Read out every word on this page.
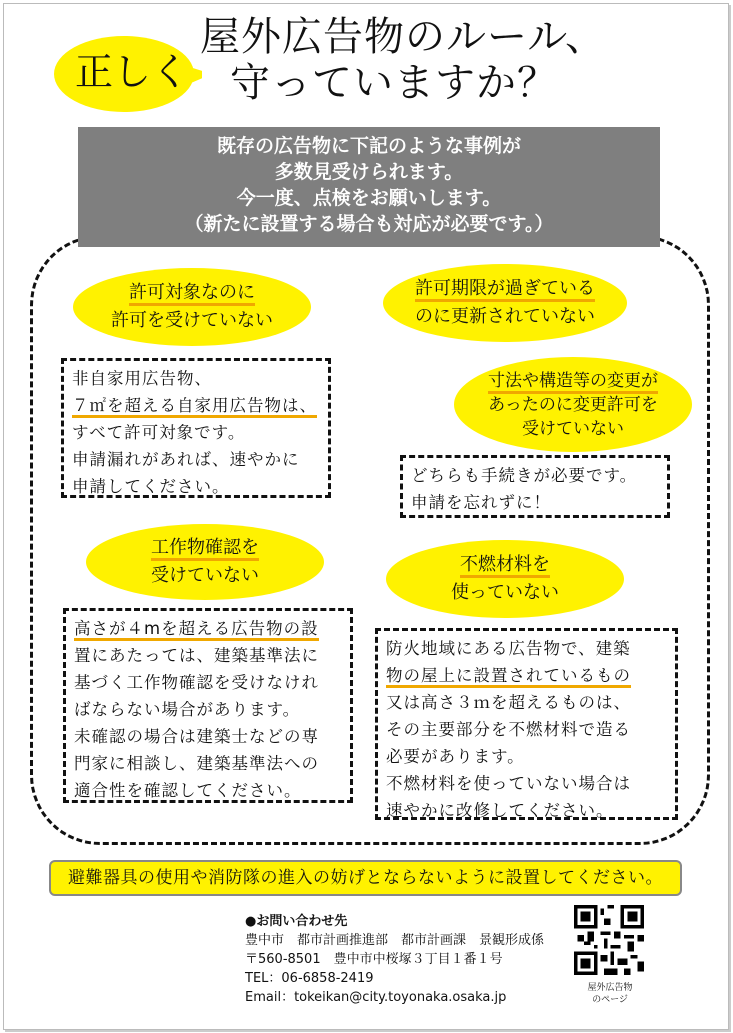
正しく
屋外広告物のルール、
守っていますか？
既存の広告物に下記のような事例が
多数見受けられます。
今一度、点検をお願いします。
（新たに設置する場合も対応が必要です。）
許可対象なのに
許可を受けていない
許可期限が過ぎている
のに更新されていない
寸法や構造等の変更が
あったのに変更許可を
受けていない
工作物確認を
受けていない
不燃材料を
使っていない
非自家用広告物、
７㎡を超える自家用広告物は、
すべて許可対象です。
申請漏れがあれば、速やかに
申請してください。
どちらも手続きが必要です。
申請を忘れずに！
高さが４mを超える広告物の設
置にあたっては、建築基準法に
基づく工作物確認を受けなけれ
ばならない場合があります。
未確認の場合は建築士などの専
門家に相談し、建築基準法への
適合性を確認してください。
防火地域にある広告物で、建築
物の屋上に設置されているもの
又は高さ３ｍを超えるものは、
その主要部分を不燃材料で造る
必要があります。
不燃材料を使っていない場合は
速やかに改修してください。
避難器具の使用や消防隊の進入の妨げとならないように設置してください。
●お問い合わせ先
豊中市　都市計画推進部　都市計画課　景観形成係
〒560-8501　豊中市中桜塚３丁目１番１号
TEL：06-6858-2419
Email：tokeikan@city.toyonaka.osaka.jp
屋外広告物
のページ
